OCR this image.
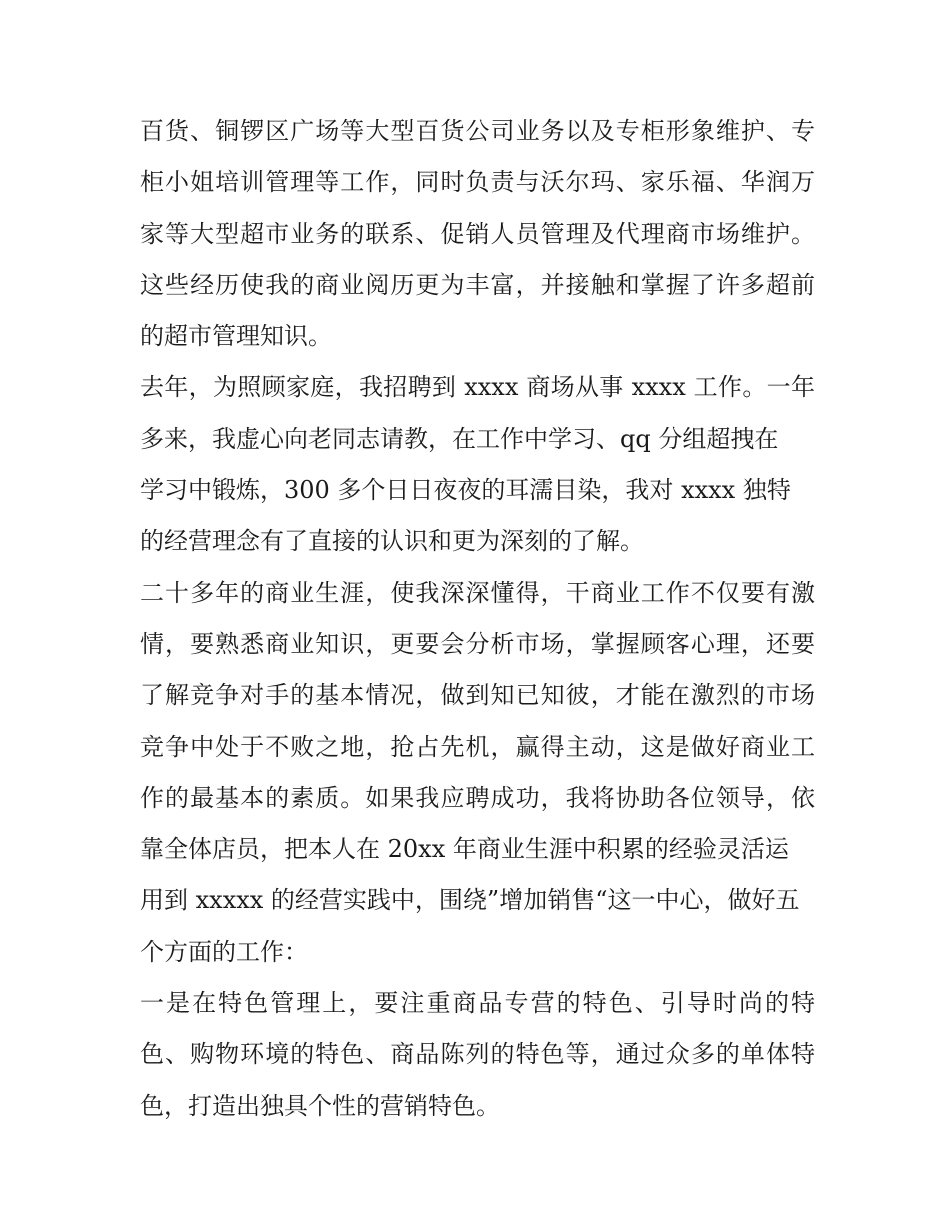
百货、铜锣区广场等大型百货公司业务以及专柜形象维护、专
柜小姐培训管理等工作，同时负责与沃尔玛、家乐福、华润万
家等大型超市业务的联系、促销人员管理及代理商市场维护。
这些经历使我的商业阅历更为丰富，并接触和掌握了许多超前
的超市管理知识。
去年，为照顾家庭，我招聘到 xxxx 商场从事 xxxx 工作。一年
多来，我虚心向老同志请教，在工作中学习、qq 分组超拽在
学习中锻炼，300 多个日日夜夜的耳濡目染，我对 xxxx 独特
的经营理念有了直接的认识和更为深刻的了解。
二十多年的商业生涯，使我深深懂得，干商业工作不仅要有激
情，要熟悉商业知识，更要会分析市场，掌握顾客心理，还要
了解竞争对手的基本情况，做到知已知彼，才能在激烈的市场
竞争中处于不败之地，抢占先机，赢得主动，这是做好商业工
作的最基本的素质。如果我应聘成功，我将协助各位领导，依
靠全体店员，把本人在 20xx 年商业生涯中积累的经验灵活运
用到 xxxxx 的经营实践中，围绕”增加销售“这一中心，做好五
个方面的工作：
一是在特色管理上，要注重商品专营的特色、引导时尚的特
色、购物环境的特色、商品陈列的特色等，通过众多的单体特
色，打造出独具个性的营销特色。
